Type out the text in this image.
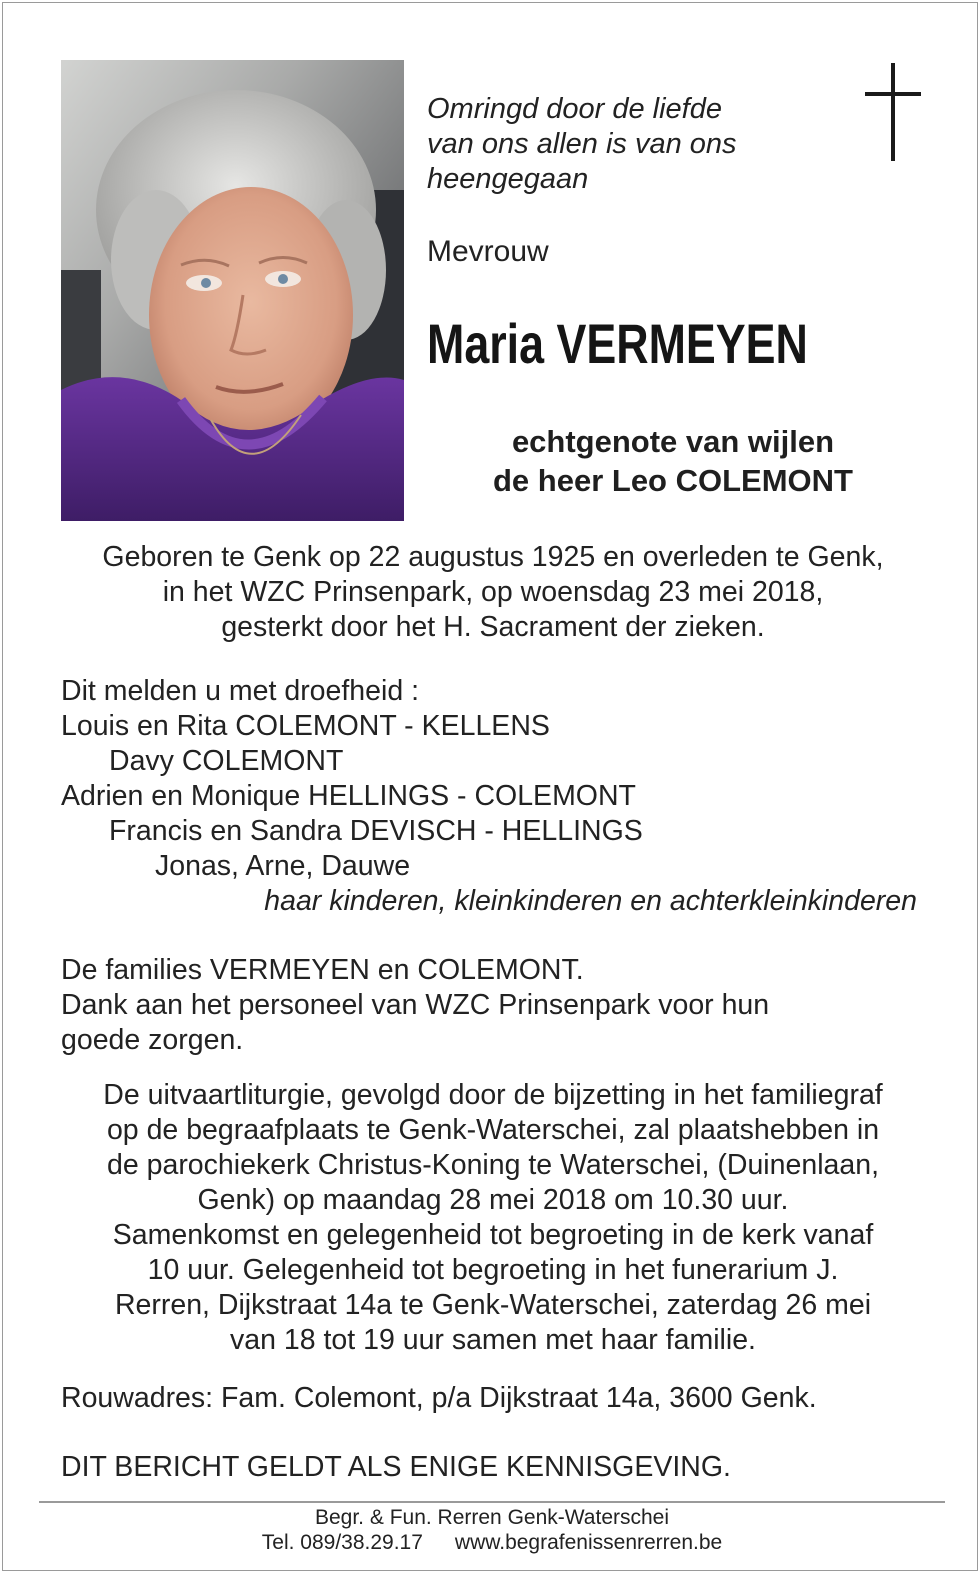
Omringd door de liefde
van ons allen is van ons
heengegaan
Mevrouw
Maria VERMEYEN
echtgenote van wijlen
de heer Leo COLEMONT
Geboren te Genk op 22 augustus 1925 en overleden te Genk,
in het WZC Prinsenpark, op woensdag 23 mei 2018,
gesterkt door het H. Sacrament der zieken.
Dit melden u met droefheid :
Louis en Rita COLEMONT - KELLENS
Davy COLEMONT
Adrien en Monique HELLINGS - COLEMONT
Francis en Sandra DEVISCH - HELLINGS
Jonas, Arne, Dauwe
haar kinderen, kleinkinderen en achterkleinkinderen
De families VERMEYEN en COLEMONT.
Dank aan het personeel van WZC Prinsenpark voor hun
goede zorgen.
De uitvaartliturgie, gevolgd door de bijzetting in het familiegraf
op de begraafplaats te Genk-Waterschei, zal plaatshebben in
de parochiekerk Christus-Koning te Waterschei, (Duinenlaan,
Genk) op maandag 28 mei 2018 om 10.30 uur.
Samenkomst en gelegenheid tot begroeting in de kerk vanaf
10 uur. Gelegenheid tot begroeting in het funerarium J.
Rerren, Dijkstraat 14a te Genk-Waterschei, zaterdag 26 mei
van 18 tot 19 uur samen met haar familie.
Rouwadres: Fam. Colemont, p/a Dijkstraat 14a, 3600 Genk.
DIT BERICHT GELDT ALS ENIGE KENNISGEVING.
Begr. & Fun. Rerren Genk-Waterschei
Tel. 089/38.29.17 www.begrafenissenrerren.be
